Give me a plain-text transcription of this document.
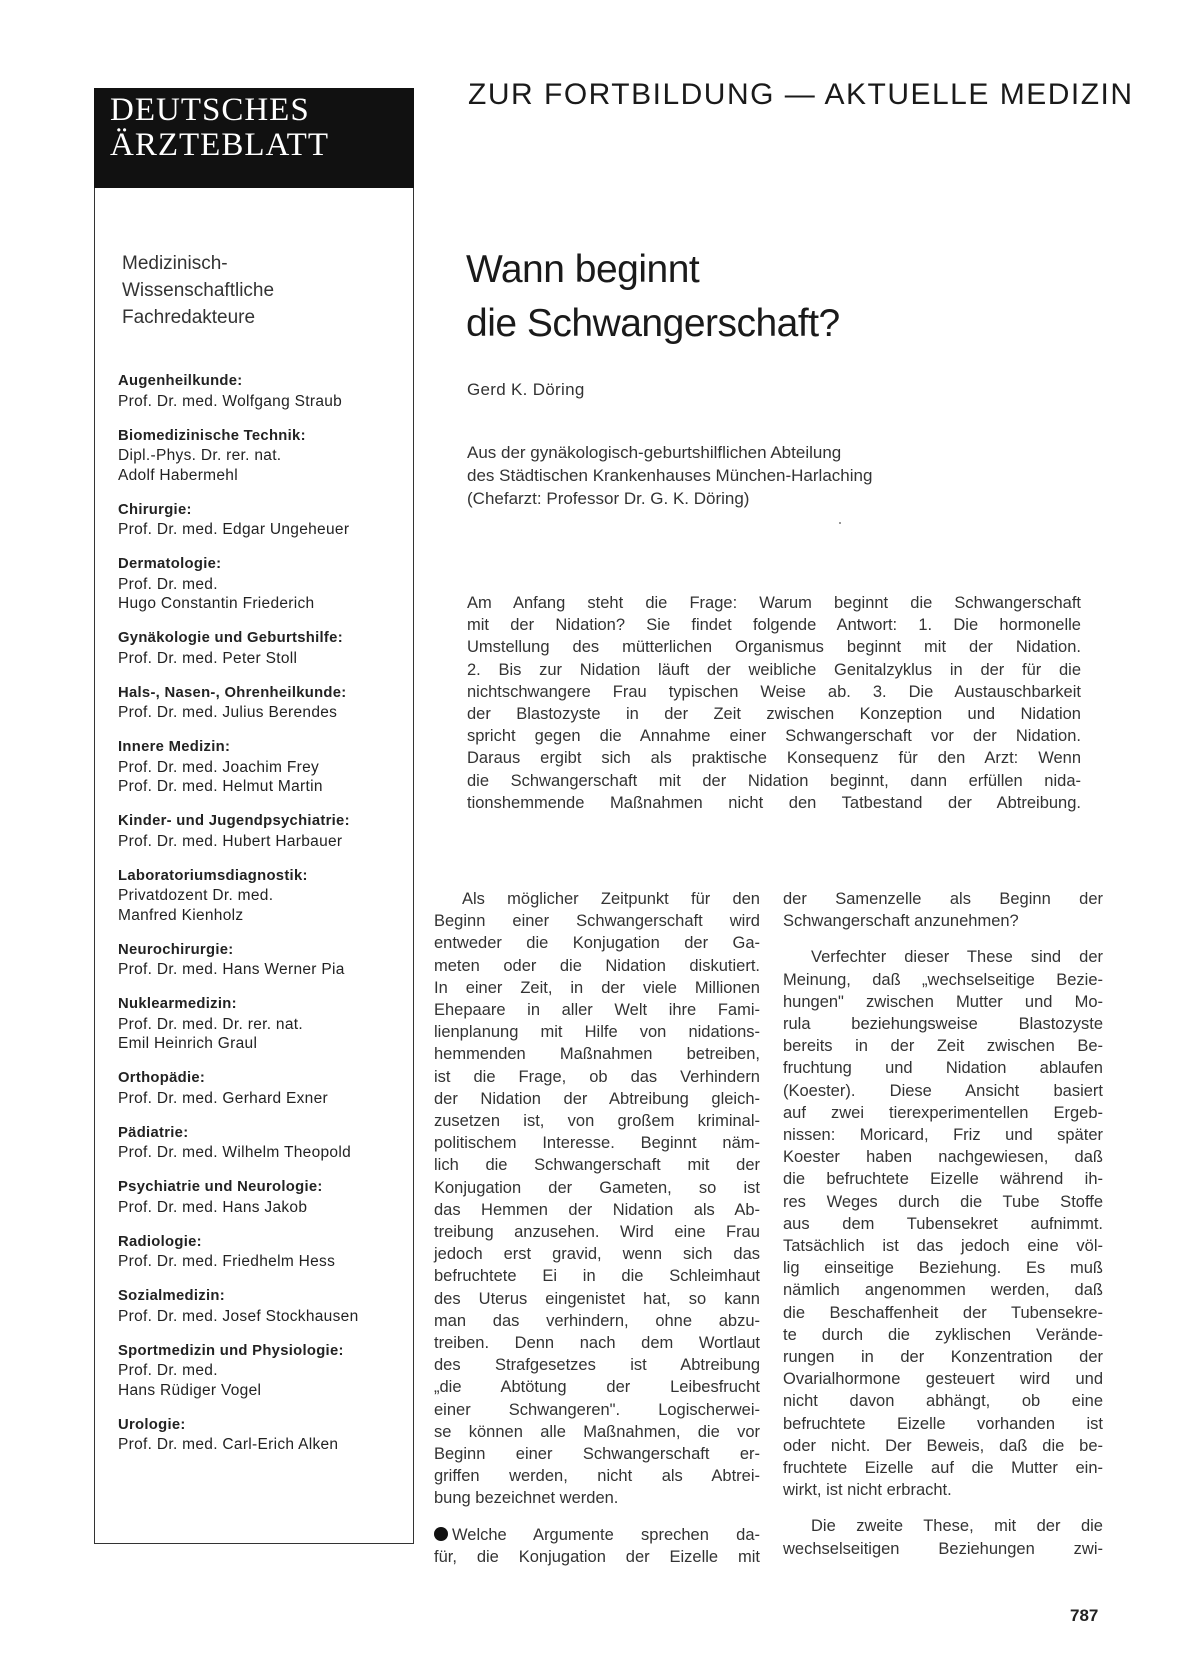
DEUTSCHES
ÄRZTEBLATT
ZUR FORTBILDUNG — AKTUELLE MEDIZIN
Medizinisch-
Wissenschaftliche
Fachredakteure
Augenheilkunde:
Prof. Dr. med. Wolfgang Straub
Biomedizinische Technik:
Dipl.-Phys. Dr. rer. nat.
Adolf Habermehl
Chirurgie:
Prof. Dr. med. Edgar Ungeheuer
Dermatologie:
Prof. Dr. med.
Hugo Constantin Friederich
Gynäkologie und Geburtshilfe:
Prof. Dr. med. Peter Stoll
Hals-, Nasen-, Ohrenheilkunde:
Prof. Dr. med. Julius Berendes
Innere Medizin:
Prof. Dr. med. Joachim Frey
Prof. Dr. med. Helmut Martin
Kinder- und Jugendpsychiatrie:
Prof. Dr. med. Hubert Harbauer
Laboratoriumsdiagnostik:
Privatdozent Dr. med.
Manfred Kienholz
Neurochirurgie:
Prof. Dr. med. Hans Werner Pia
Nuklearmedizin:
Prof. Dr. med. Dr. rer. nat.
Emil Heinrich Graul
Orthopädie:
Prof. Dr. med. Gerhard Exner
Pädiatrie:
Prof. Dr. med. Wilhelm Theopold
Psychiatrie und Neurologie:
Prof. Dr. med. Hans Jakob
Radiologie:
Prof. Dr. med. Friedhelm Hess
Sozialmedizin:
Prof. Dr. med. Josef Stockhausen
Sportmedizin und Physiologie:
Prof. Dr. med.
Hans Rüdiger Vogel
Urologie:
Prof. Dr. med. Carl-Erich Alken
Wann beginnt
die Schwangerschaft?
Gerd K. Döring
Aus der gynäkologisch-geburtshilflichen Abteilung
des Städtischen Krankenhauses München-Harlaching
(Chefarzt: Professor Dr. G. K. Döring)
Am Anfang steht die Frage: Warum beginnt die Schwangerschaft
mit der Nidation? Sie findet folgende Antwort: 1. Die hormonelle
Umstellung des mütterlichen Organismus beginnt mit der Nidation.
2. Bis zur Nidation läuft der weibliche Genitalzyklus in der für die
nichtschwangere Frau typischen Weise ab. 3. Die Austauschbarkeit
der Blastozyste in der Zeit zwischen Konzeption und Nidation
spricht gegen die Annahme einer Schwangerschaft vor der Nidation.
Daraus ergibt sich als praktische Konsequenz für den Arzt: Wenn
die Schwangerschaft mit der Nidation beginnt, dann erfüllen nida-
tionshemmende Maßnahmen nicht den Tatbestand der Abtreibung.
Als möglicher Zeitpunkt für den
Beginn einer Schwangerschaft wird
entweder die Konjugation der Ga-
meten oder die Nidation diskutiert.
In einer Zeit, in der viele Millionen
Ehepaare in aller Welt ihre Fami-
lienplanung mit Hilfe von nidations-
hemmenden Maßnahmen betreiben,
ist die Frage, ob das Verhindern
der Nidation der Abtreibung gleich-
zusetzen ist, von großem kriminal-
politischem Interesse. Beginnt näm-
lich die Schwangerschaft mit der
Konjugation der Gameten, so ist
das Hemmen der Nidation als Ab-
treibung anzusehen. Wird eine Frau
jedoch erst gravid, wenn sich das
befruchtete Ei in die Schleimhaut
des Uterus eingenistet hat, so kann
man das verhindern, ohne abzu-
treiben. Denn nach dem Wortlaut
des Strafgesetzes ist Abtreibung
„die Abtötung der Leibesfrucht
einer Schwangeren". Logischerwei-
se können alle Maßnahmen, die vor
Beginn einer Schwangerschaft er-
griffen werden, nicht als Abtrei-
bung bezeichnet werden.
Welche Argumente sprechen da-
für, die Konjugation der Eizelle mit
der Samenzelle als Beginn der
Schwangerschaft anzunehmen?
Verfechter dieser These sind der
Meinung, daß „wechselseitige Bezie-
hungen" zwischen Mutter und Mo-
rula beziehungsweise Blastozyste
bereits in der Zeit zwischen Be-
fruchtung und Nidation ablaufen
(Koester). Diese Ansicht basiert
auf zwei tierexperimentellen Ergeb-
nissen: Moricard, Friz und später
Koester haben nachgewiesen, daß
die befruchtete Eizelle während ih-
res Weges durch die Tube Stoffe
aus dem Tubensekret aufnimmt.
Tatsächlich ist das jedoch eine völ-
lig einseitige Beziehung. Es muß
nämlich angenommen werden, daß
die Beschaffenheit der Tubensekre-
te durch die zyklischen Verände-
rungen in der Konzentration der
Ovarialhormone gesteuert wird und
nicht davon abhängt, ob eine
befruchtete Eizelle vorhanden ist
oder nicht. Der Beweis, daß die be-
fruchtete Eizelle auf die Mutter ein-
wirkt, ist nicht erbracht.
Die zweite These, mit der die
wechselseitigen Beziehungen zwi-
787
